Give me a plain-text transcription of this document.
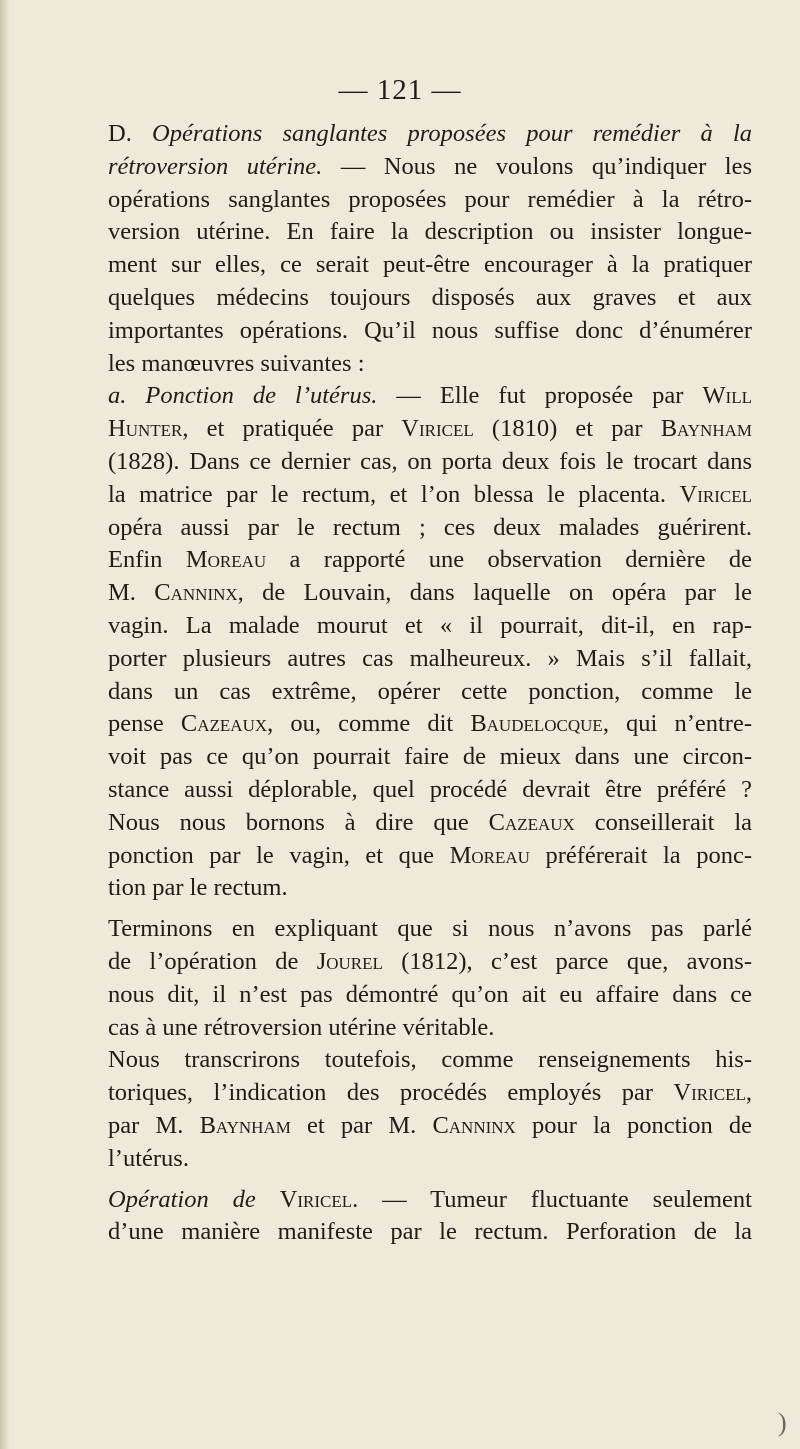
— 121 —

D. Opérations sanglantes proposées pour remédier à la
rétroversion utérine. — Nous ne voulons qu’indiquer les
opérations sanglantes proposées pour remédier à la rétro-
version utérine. En faire la description ou insister longue-
ment sur elles, ce serait peut-être encourager à la pratiquer
quelques médecins toujours disposés aux graves et aux
importantes opérations. Qu’il nous suffise donc d’énumérer
les manœuvres suivantes :

a. Ponction de l’utérus. — Elle fut proposée par Will
Hunter, et pratiquée par Viricel (1810) et par Baynham
(1828). Dans ce dernier cas, on porta deux fois le trocart dans
la matrice par le rectum, et l’on blessa le placenta. Viricel
opéra aussi par le rectum ; ces deux malades guérirent.
Enfin Moreau a rapporté une observation dernière de
M. Canninx, de Louvain, dans laquelle on opéra par le
vagin. La malade mourut et « il pourrait, dit-il, en rap-
porter plusieurs autres cas malheureux. » Mais s’il fallait,
dans un cas extrême, opérer cette ponction, comme le
pense Cazeaux, ou, comme dit Baudelocque, qui n’entre-
voit pas ce qu’on pourrait faire de mieux dans une circon-
stance aussi déplorable, quel procédé devrait être préféré ?
Nous nous bornons à dire que Cazeaux conseillerait la
ponction par le vagin, et que Moreau préférerait la ponc-
tion par le rectum.

Terminons en expliquant que si nous n’avons pas parlé
de l’opération de Jourel (1812), c’est parce que, avons-
nous dit, il n’est pas démontré qu’on ait eu affaire dans ce
cas à une rétroversion utérine véritable.

Nous transcrirons toutefois, comme renseignements his-
toriques, l’indication des procédés employés par Viricel,
par M. Baynham et par M. Canninx pour la ponction de
l’utérus.

Opération de Viricel. — Tumeur fluctuante seulement
d’une manière manifeste par le rectum. Perforation de la

)
